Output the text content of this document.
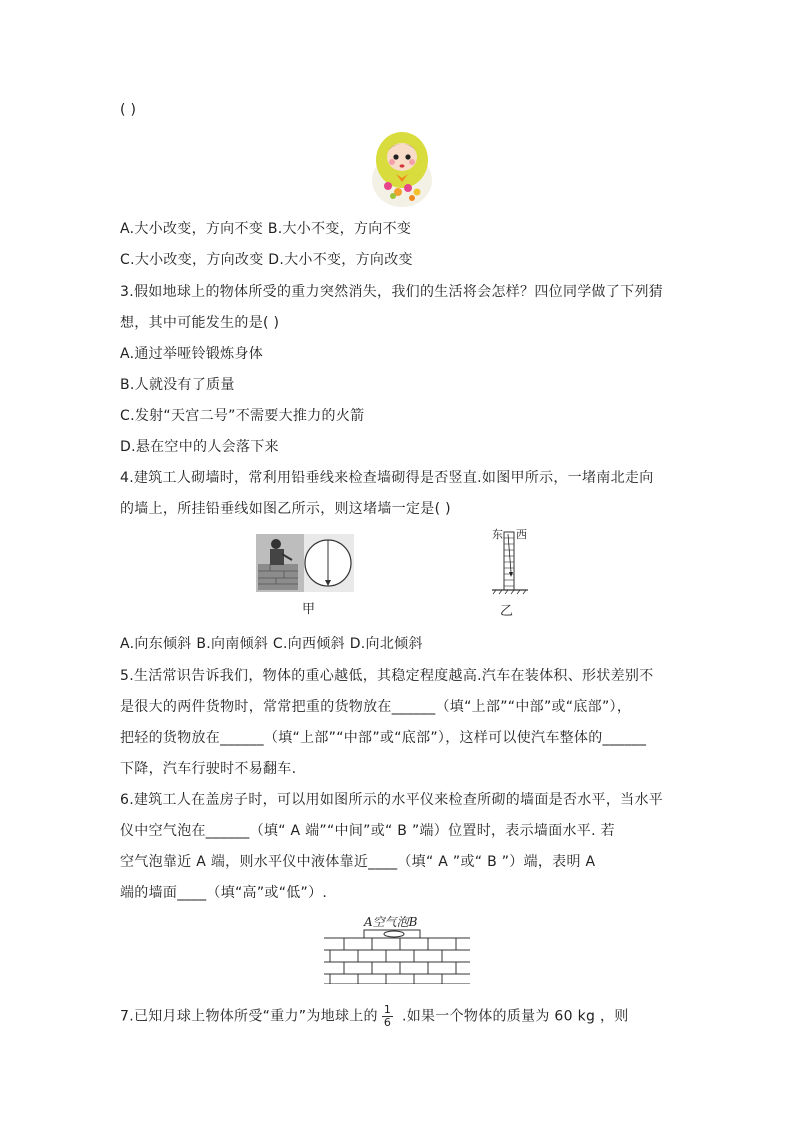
( )
A.大小改变，方向不变 B.大小不变，方向不变
C.大小改变，方向改变 D.大小不变，方向改变
3.假如地球上的物体所受的重力突然消失，我们的生活将会怎样？四位同学做了下列猜
想，其中可能发生的是( )
A.通过举哑铃锻炼身体
B.人就没有了质量
C.发射“天宫二号”不需要大推力的火箭
D.悬在空中的人会落下来
4.建筑工人砌墙时，常利用铅垂线来检查墙砌得是否竖直.如图甲所示，一堵南北走向
的墙上，所挂铅垂线如图乙所示，则这堵墙一定是( )
甲
东 西
乙
A.向东倾斜 B.向南倾斜 C.向西倾斜 D.向北倾斜
5.生活常识告诉我们，物体的重心越低，其稳定程度越高.汽车在装体积、形状差别不
是很大的两件货物时，常常把重的货物放在______（填“上部”“中部”或“底部”），
把轻的货物放在______（填“上部”“中部”或“底部”），这样可以使汽车整体的______
下降，汽车行驶时不易翻车.
6.建筑工人在盖房子时，可以用如图所示的水平仪来检查所砌的墙面是否水平，当水平
仪中空气泡在______（填“ A 端”“中间”或“ B ”端）位置时，表示墙面水平. 若
空气泡靠近 A 端，则水平仪中液体靠近____（填“ A ”或“ B ”）端，表明 A
端的墙面____（填“高”或“低”）.
A空气泡B
7.已知月球上物体所受“重力”为地球上的 $\frac{1}{6}$ .如果一个物体的质量为 60 kg ，则
